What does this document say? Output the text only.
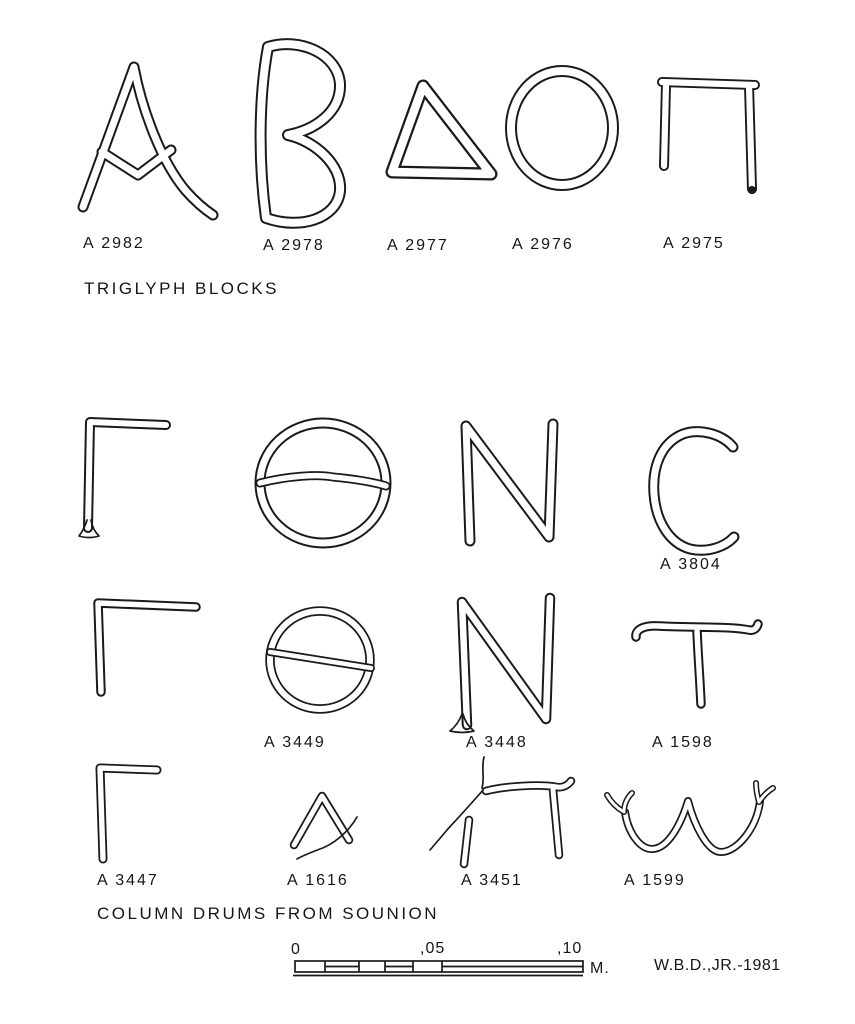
TRIGLYPH BLOCKS
COLUMN DRUMS FROM SOUNION
A 2982	A 2978	A 2977	A 2976	A 2975
A 3804
A 3449	A 3448	A 1598
A 3447	A 1616	A 3451	A 1599
0	,05	,10
M.	W.B.D.,JR.-1981
